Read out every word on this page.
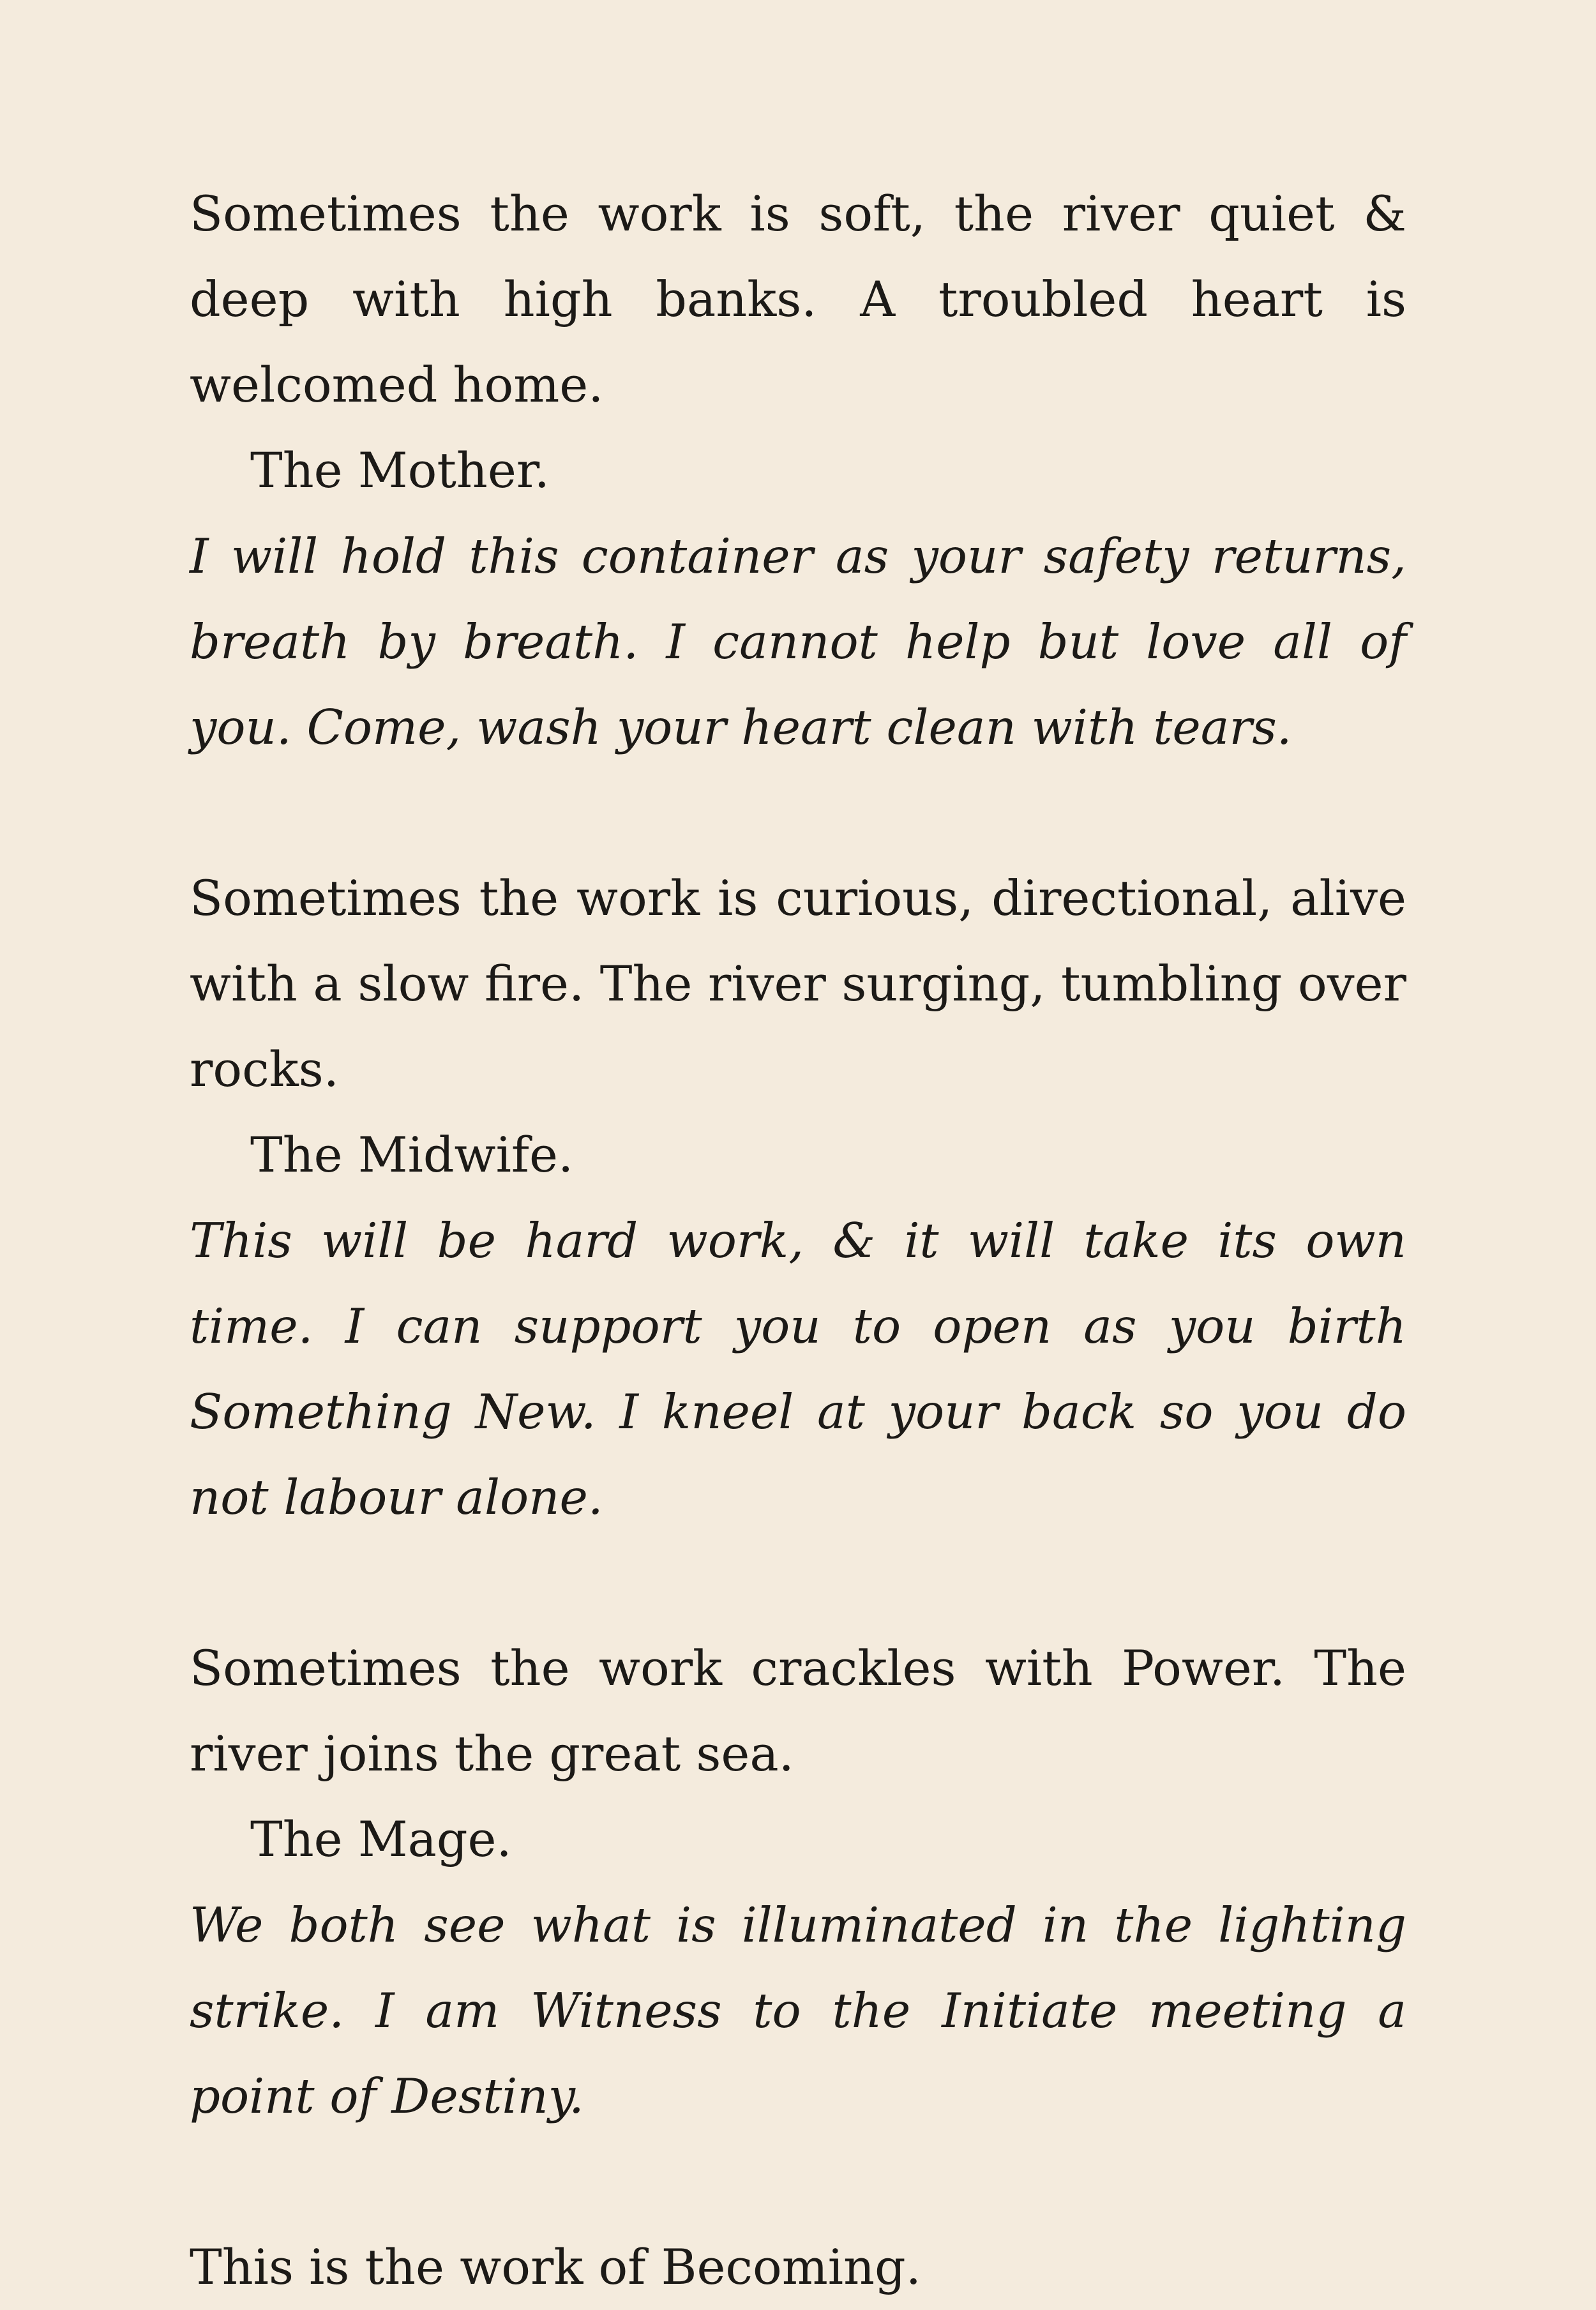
Sometimes the work is soft, the river quiet & deep with high banks. A troubled heart is welcomed home.

The Mother.

I will hold this container as your safety returns, breath by breath. I cannot help but love all of you. Come, wash your heart clean with tears.

Sometimes the work is curious, directional, alive with a slow fire. The river surging, tumbling over rocks.

The Midwife.

This will be hard work, & it will take its own time. I can support you to open as you birth Something New. I kneel at your back so you do not labour alone.

Sometimes the work crackles with Power. The river joins the great sea.

The Mage.

We both see what is illuminated in the lighting strike. I am Witness to the Initiate meeting a point of Destiny.

This is the work of Becoming.
